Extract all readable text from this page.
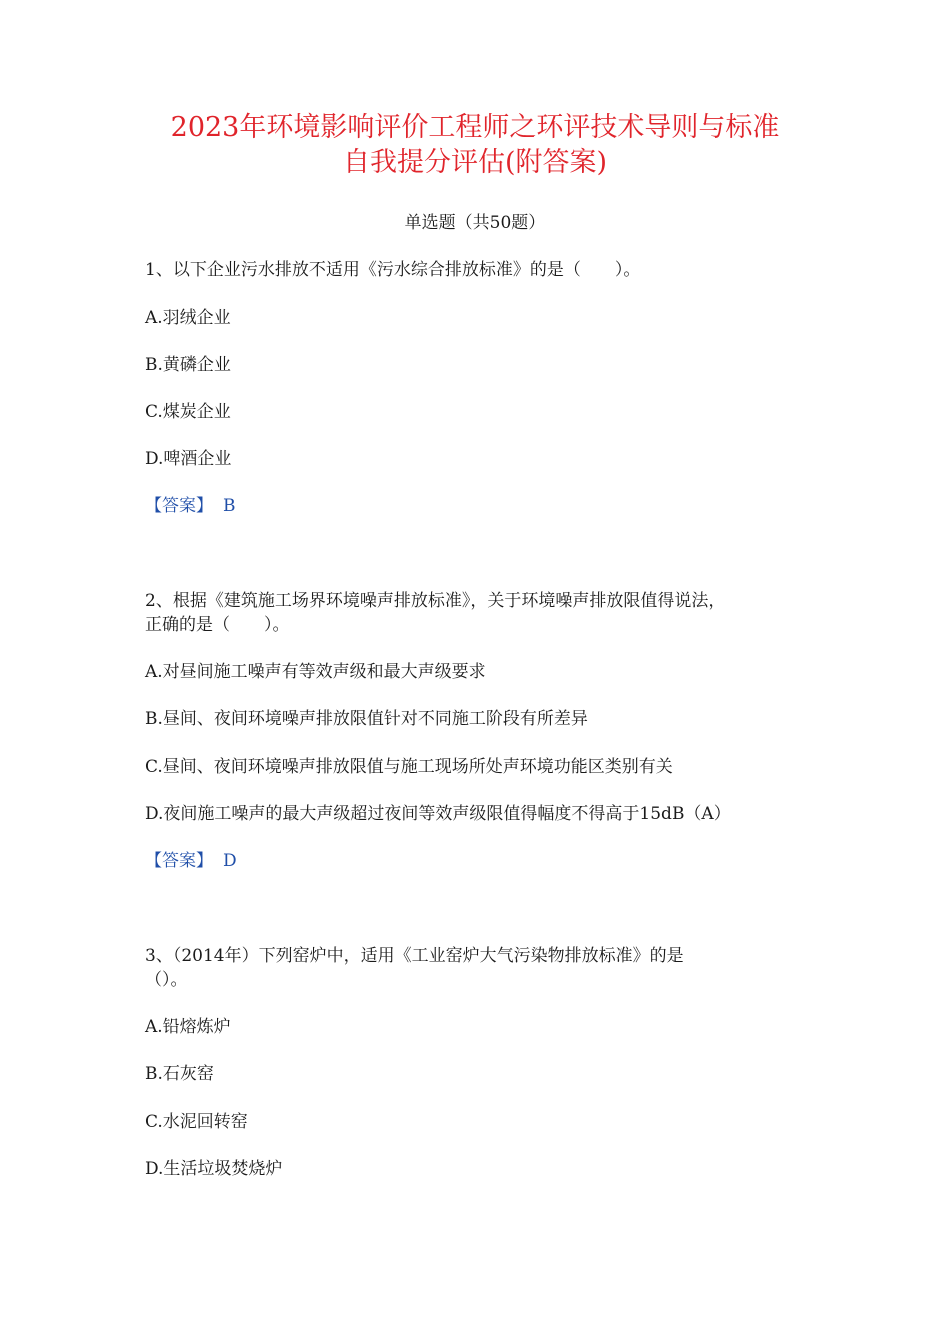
2023年环境影响评价工程师之环评技术导则与标准
自我提分评估(附答案)
单选题（共50题）
1、以下企业污水排放不适用《污水综合排放标准》的是（　　）。
A.羽绒企业
B.黄磷企业
C.煤炭企业
D.啤酒企业
【答案】 B
2、根据《建筑施工场界环境噪声排放标准》，关于环境噪声排放限值得说法，
正确的是（　　）。
A.对昼间施工噪声有等效声级和最大声级要求
B.昼间、夜间环境噪声排放限值针对不同施工阶段有所差异
C.昼间、夜间环境噪声排放限值与施工现场所处声环境功能区类别有关
D.夜间施工噪声的最大声级超过夜间等效声级限值得幅度不得高于15dB（A）
【答案】 D
3、（2014年）下列窑炉中，适用《工业窑炉大气污染物排放标准》的是
（）。
A.铅熔炼炉
B.石灰窑
C.水泥回转窑
D.生活垃圾焚烧炉
